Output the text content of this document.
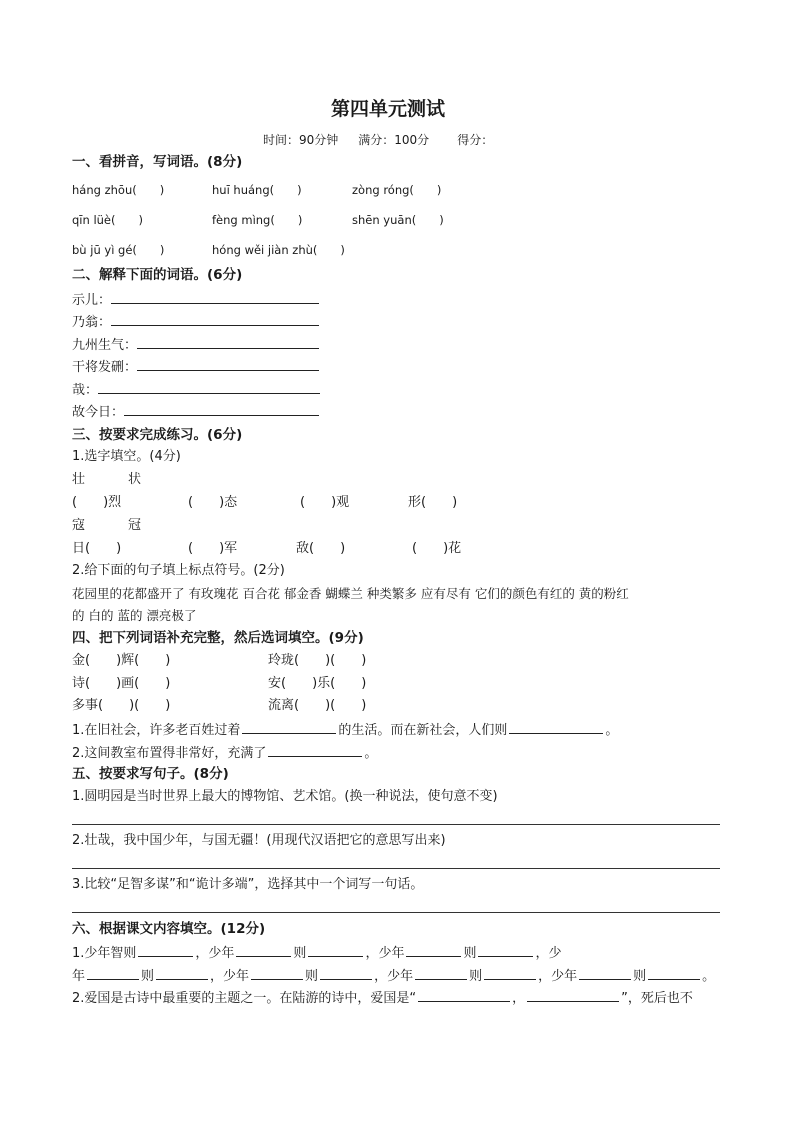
第四单元测试
时间：90分钟 满分：100分 得分：
一、看拼音，写词语。(8分)
háng zhōu(　　)	huī huáng(　　)	zòng róng(　　)
qīn lüè(　　)	fèng mìng(　　)	shēn yuān(　　)
bù jū yì gé(　　)	hóng wěi jiàn zhù(　　)
二、解释下面的词语。(6分)
示儿：
乃翁：
九州生气：
干将发硎：
哉：
故今日：
三、按要求完成练习。(6分)
1.选字填空。(4分)
壮	状
(　　)烈	(　　)态	(　　)观	形(　　)
寇	冠
日(　　)	(　　)军	敌(　　)	(　　)花
2.给下面的句子填上标点符号。(2分)
花园里的花都盛开了 有玫瑰花 百合花 郁金香 蝴蝶兰 种类繁多 应有尽有 它们的颜色有红的 黄的粉红
的 白的 蓝的 漂亮极了
四、把下列词语补充完整，然后选词填空。(9分)
金(　　)辉(　　)	玲珑(　　)(　　)
诗(　　)画(　　)	安(　　)乐(　　)
多事(　　)(　　)	流离(　　)(　　)
1.在旧社会，许多老百姓过着	的生活。而在新社会，人们则	。
2.这间教室布置得非常好，充满了	。
五、按要求写句子。(8分)
1.圆明园是当时世界上最大的博物馆、艺术馆。(换一种说法，使句意不变)
2.壮哉，我中国少年，与国无疆！(用现代汉语把它的意思写出来)
3.比较“足智多谋”和“诡计多端”，选择其中一个词写一句话。
六、根据课文内容填空。(12分)
1.少年智则	，少年	则	，少年	则	，少
年	则	，少年	则	，少年	则	，少年	则	。
2.爱国是古诗中最重要的主题之一。在陆游的诗中，爱国是“	，	”，死后也不
